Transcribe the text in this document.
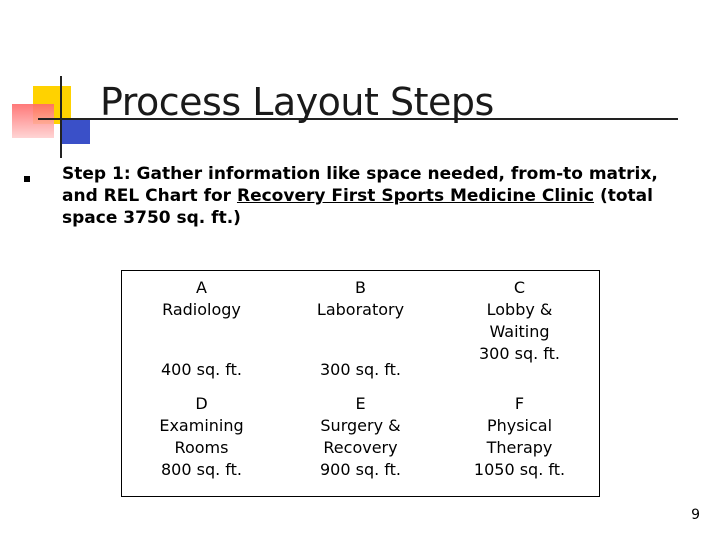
Process Layout Steps
Step 1: Gather information like space needed, from-to matrix, and REL Chart for Recovery First Sports Medicine Clinic (total space 3750 sq. ft.)
A
Radiology
400 sq. ft.
B
Laboratory
300 sq. ft.
C
Lobby &
Waiting
300 sq. ft.
D
Examining
Rooms
800 sq. ft.
E
Surgery &
Recovery
900 sq. ft.
F
Physical
Therapy
1050 sq. ft.
9
